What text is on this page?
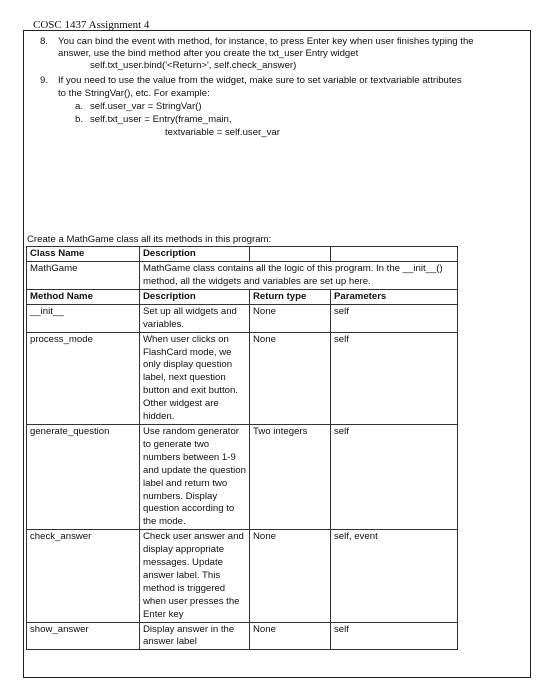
COSC 1437 Assignment 4
8. You can bind the event with method, for instance, to press Enter key when user finishes typing the
answer, use the bind method after you create the txt_user Entry widget
self.txt_user.bind('<Return>', self.check_answer)
9. If you need to use the value from the widget, make sure to set variable or textvariable attributes
to the StringVar(), etc. For example:
a. self.user_var = StringVar()
b. self.txt_user = Entry(frame_main,
textvariable = self.user_var
Create a MathGame class all its methods in this program:
Class Name	Description		
MathGame	MathGame class contains all the logic of this program. In the __init__() method, all the widgets and variables are set up here.		
Method Name	Description	Return type	Parameters
__init__	Set up all widgets and variables.	None	self
process_mode	When user clicks on FlashCard mode, we only display question label, next question button and exit button. Other widgest are hidden.	None	self
generate_question	Use random generator to generate two numbers between 1-9 and update the question label and return two numbers. Display question according to the mode.	Two integers	self
check_answer	Check user answer and display appropriate messages. Update answer label. This method is triggered when user presses the Enter key	None	self, event
show_answer	Display answer in the answer label	None	self
